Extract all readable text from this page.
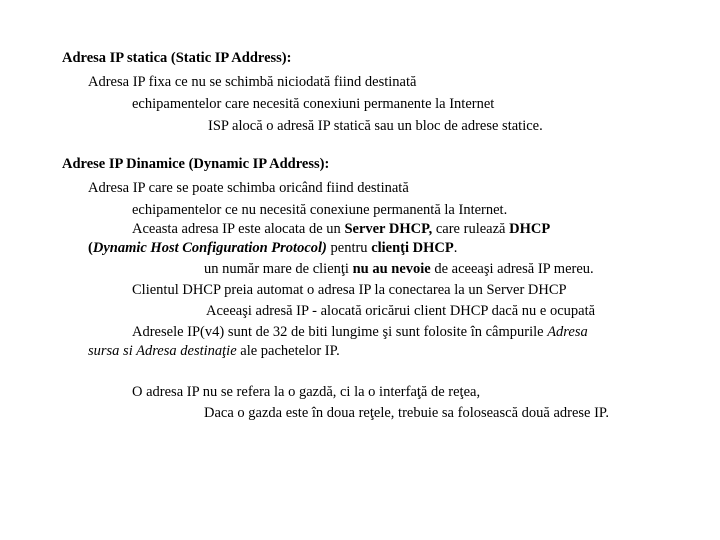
Adresa IP statica (Static IP Address):
Adresa IP fixa ce nu se schimbă niciodată fiind destinată
echipamentelor care necesită conexiuni permanente la Internet
ISP alocă o adresă IP statică sau un bloc de adrese statice.
Adrese IP Dinamice (Dynamic IP Address):
Adresa IP care se poate schimba oricând fiind destinată
echipamentelor ce nu necesită conexiune permanentă la Internet.
Aceasta adresa IP este alocata de un Server DHCP, care rulează DHCP
(Dynamic Host Configuration Protocol) pentru clienţi DHCP.
un număr mare de clienţi nu au nevoie de aceeaşi adresă IP mereu.
Clientul DHCP preia automat o adresa IP la conectarea la un Server DHCP
Aceeaşi adresă IP - alocată oricărui client DHCP dacă nu e ocupată
Adresele IP(v4) sunt de 32 de biti lungime şi sunt folosite în câmpurile Adresa
sursa si Adresa destinaţie ale pachetelor IP.
O adresa IP nu se refera la o gazdă, ci la o interfaţă de reţea,
Daca o gazda este în doua reţele, trebuie sa folosească două adrese IP.
